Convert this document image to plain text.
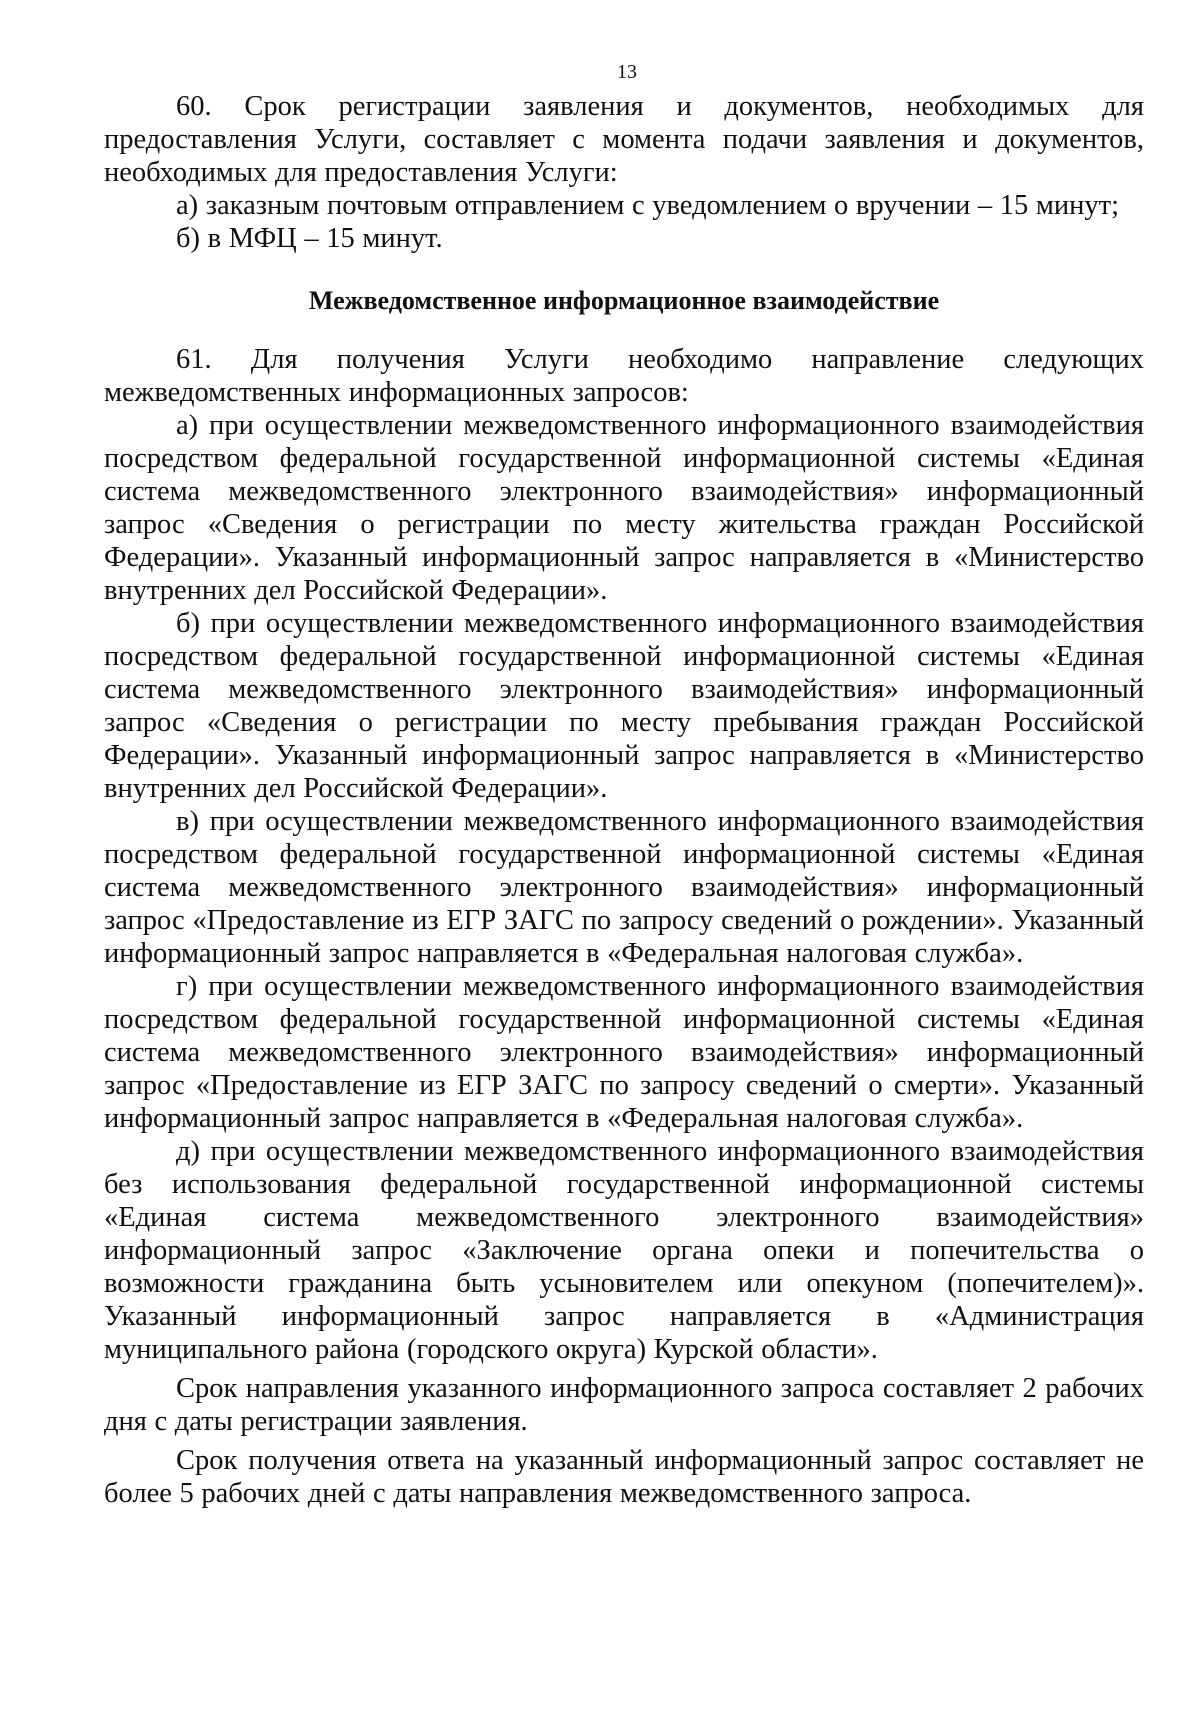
13

60. Срок регистрации заявления и документов, необходимых для предоставления Услуги, составляет с момента подачи заявления и документов, необходимых для предоставления Услуги:

а) заказным почтовым отправлением с уведомлением о вручении – 15 минут;

б) в МФЦ – 15 минут.

Межведомственное информационное взаимодействие

61. Для получения Услуги необходимо направление следующих межведомственных информационных запросов:

а) при осуществлении межведомственного информационного взаимодействия посредством федеральной государственной информационной системы «Единая система межведомственного электронного взаимодействия» информационный запрос «Сведения о регистрации по месту жительства граждан Российской Федерации». Указанный информационный запрос направляется в «Министерство внутренних дел Российской Федерации».

б) при осуществлении межведомственного информационного взаимодействия посредством федеральной государственной информационной системы «Единая система межведомственного электронного взаимодействия» информационный запрос «Сведения о регистрации по месту пребывания граждан Российской Федерации». Указанный информационный запрос направляется в «Министерство внутренних дел Российской Федерации».

в) при осуществлении межведомственного информационного взаимодействия посредством федеральной государственной информационной системы «Единая система межведомственного электронного взаимодействия» информационный запрос «Предоставление из ЕГР ЗАГС по запросу сведений о рождении». Указанный информационный запрос направляется в «Федеральная налоговая служба».

г) при осуществлении межведомственного информационного взаимодействия посредством федеральной государственной информационной системы «Единая система межведомственного электронного взаимодействия» информационный запрос «Предоставление из ЕГР ЗАГС по запросу сведений о смерти». Указанный информационный запрос направляется в «Федеральная налоговая служба».

д) при осуществлении межведомственного информационного взаимодействия без использования федеральной государственной информационной системы «Единая система межведомственного электронного взаимодействия» информационный запрос «Заключение органа опеки и попечительства о возможности гражданина быть усыновителем или опекуном (попечителем)». Указанный информационный запрос направляется в «Администрация муниципального района (городского округа) Курской области».

Срок направления указанного информационного запроса составляет 2 рабочих дня с даты регистрации заявления.

Срок получения ответа на указанный информационный запрос составляет не более 5 рабочих дней с даты направления межведомственного запроса.
